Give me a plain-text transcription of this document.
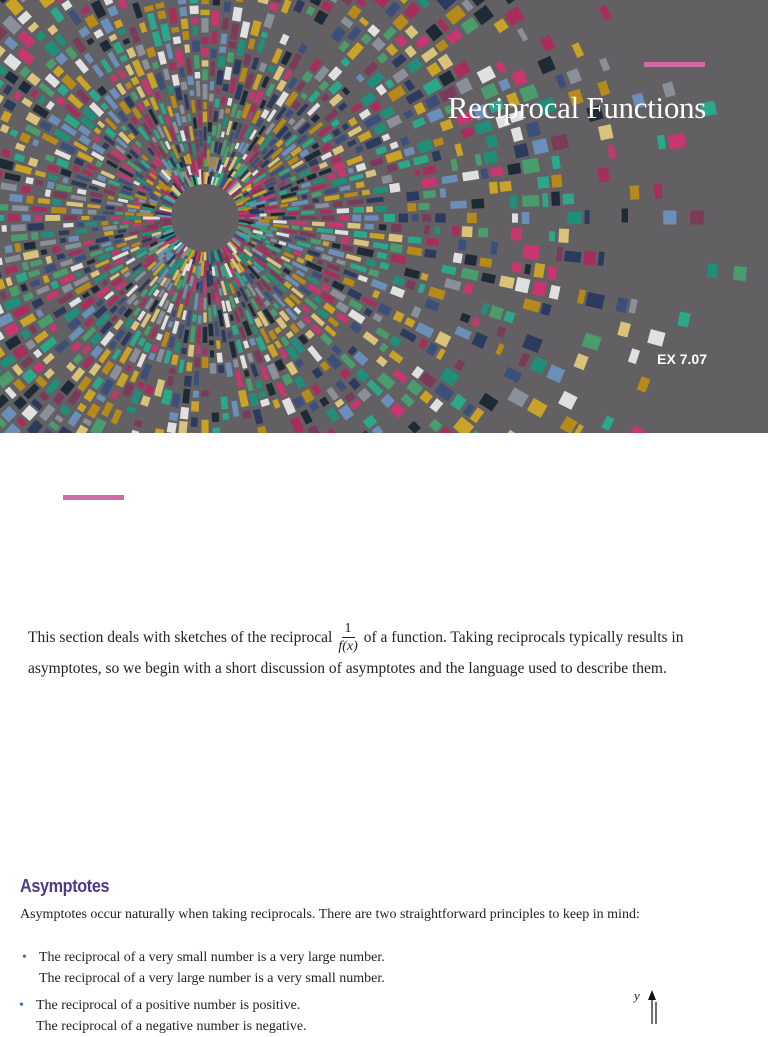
Reciprocal Functions
EX 7.07
This section deals with sketches of the reciprocal $\frac{1}{f(x)}$ of a function. Taking reciprocals typically results in
asymptotes, so we begin with a short discussion of asymptotes and the language used to describe them.
Asymptotes
Asymptotes occur naturally when taking reciprocals. There are two straightforward principles to keep in mind:
• The reciprocal of a very small number is a very large number.
The reciprocal of a very large number is a very small number.
• The reciprocal of a positive number is positive.
The reciprocal of a negative number is negative.
y
